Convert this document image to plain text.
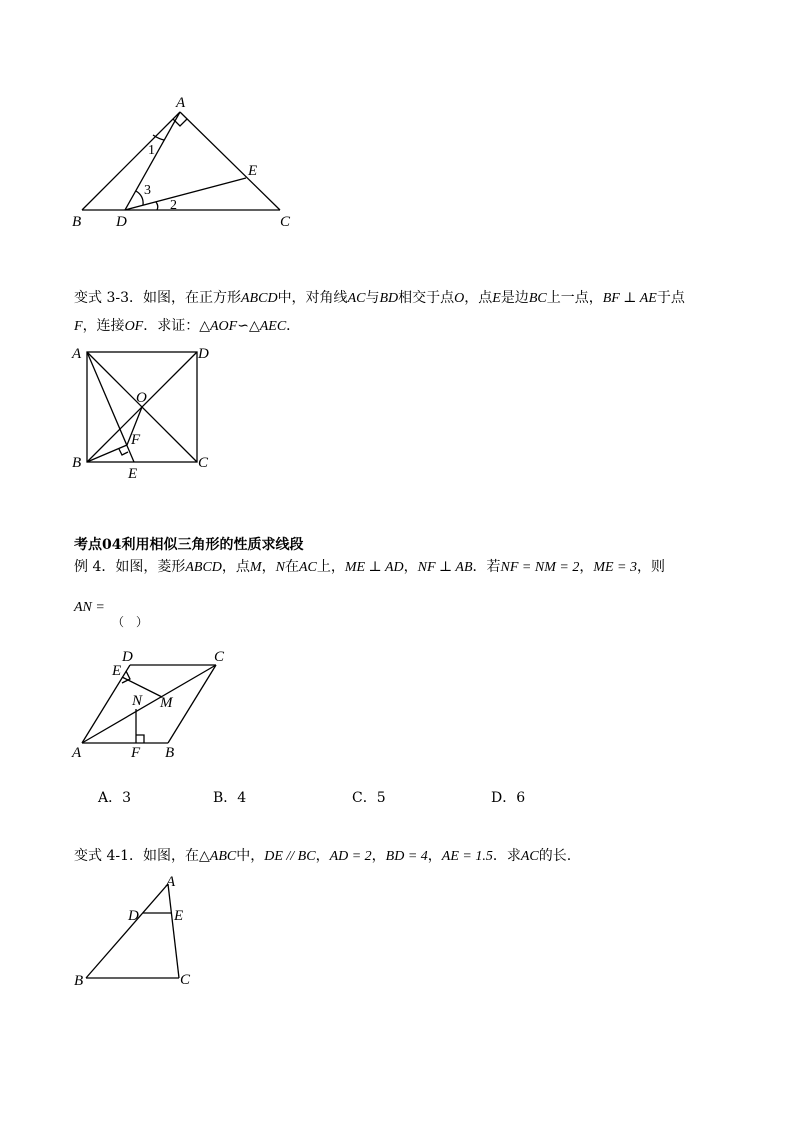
A
B D	C
E
1
3
2
变式 3-3．如图，在正方形ABCD中，对角线AC与BD相交于点O，点E是边BC上一点，BF ⊥ AE于点
F，连接OF．求证：△AOF∽△AEC．
A	D
O
F
B	C
E
考点04利用相似三角形的性质求线段
例 4．如图，菱形ABCD，点M，N在AC上，ME ⊥ AD，NF ⊥ AB．若NF = NM = 2，ME = 3，则
AN =
（　）
D	C
E
N M
A	F B
A．3	B．4	C．5	D．6
变式 4-1．如图，在△ABC中，DE // BC，AD = 2，BD = 4，AE = 1.5．求AC的长.
A
D E
B	C
